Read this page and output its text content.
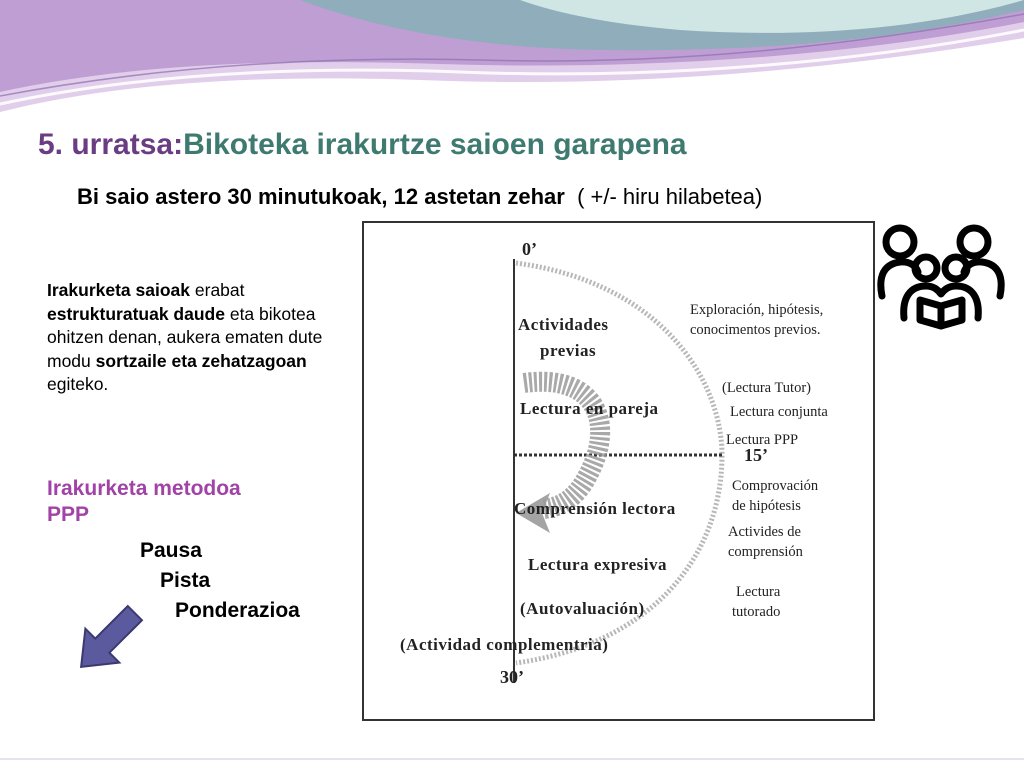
5. urratsa:Bikoteka irakurtze saioen garapena
Bi saio astero 30 minutukoak, 12 astetan zehar ( +/- hiru hilabetea)
Irakurketa saioak erabat estrukturatuak daude eta bikotea ohitzen denan, aukera ematen dute modu sortzaile eta zehatzagoan egiteko.
Irakurketa metodoa
PPP
Pausa
Pista
Ponderazioa
0’
15’
30’
Actividades
previas
Lectura en pareja
Comprensión lectora
Lectura expresiva
(Autovaluación)
(Actividad complementria)
Exploración, hipótesis,
conocimentos previos.
(Lectura Tutor)
Lectura conjunta
Lectura PPP
Comprovación
de hipótesis
Activides de
comprensión
Lectura
tutorado
